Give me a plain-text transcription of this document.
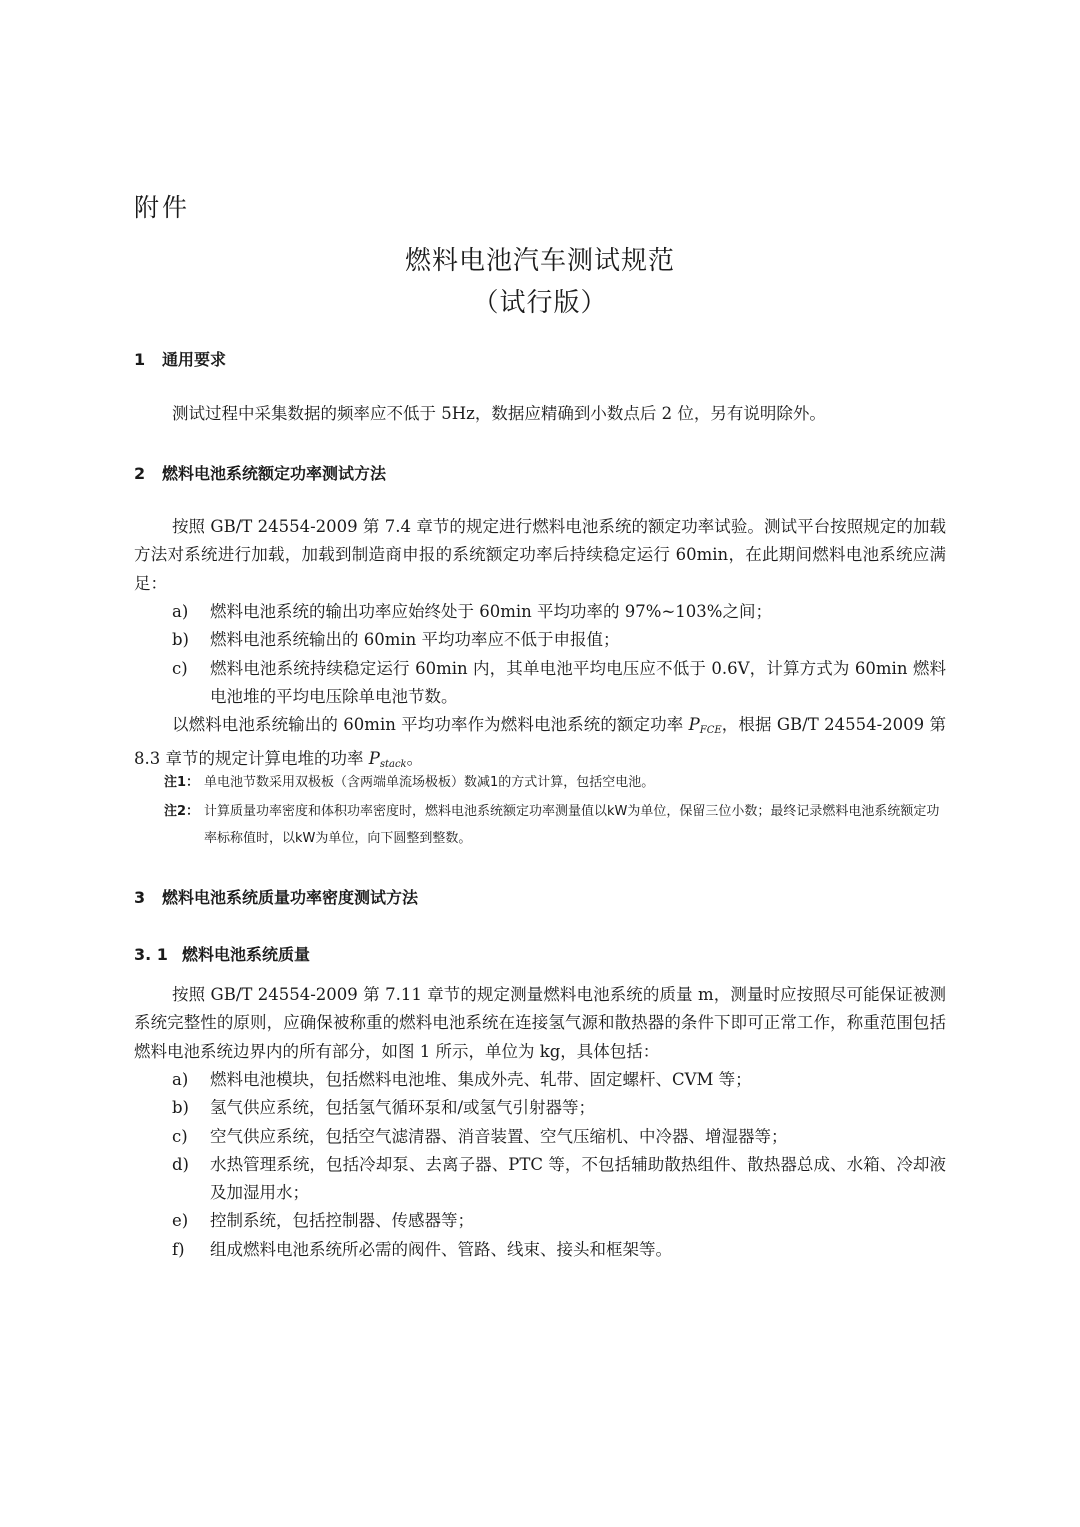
附件
燃料电池汽车测试规范
（试行版）
1 通用要求
测试过程中采集数据的频率应不低于 5Hz，数据应精确到小数点后 2 位，另有说明除外。
2 燃料电池系统额定功率测试方法
按照 GB/T 24554-2009 第 7.4 章节的规定进行燃料电池系统的额定功率试验。测试平台按照规定的加载方法对系统进行加载，加载到制造商申报的系统额定功率后持续稳定运行 60min，在此期间燃料电池系统应满足：
a) 燃料电池系统的输出功率应始终处于 60min 平均功率的 97%~103%之间；
b) 燃料电池系统输出的 60min 平均功率应不低于申报值；
c) 燃料电池系统持续稳定运行 60min 内，其单电池平均电压应不低于 0.6V，计算方式为 60min 燃料电池堆的平均电压除单电池节数。
以燃料电池系统输出的 60min 平均功率作为燃料电池系统的额定功率 $P_{FCE}$，根据 GB/T 24554-2009 第 8.3 章节的规定计算电堆的功率 $P_{stack}$。
注1： 单电池节数采用双极板（含两端单流场极板）数减1的方式计算，包括空电池。
注2： 计算质量功率密度和体积功率密度时，燃料电池系统额定功率测量值以kW为单位，保留三位小数；最终记录燃料电池系统额定功率标称值时，以kW为单位，向下圆整到整数。
3 燃料电池系统质量功率密度测试方法
3. 1 燃料电池系统质量
按照 GB/T 24554-2009 第 7.11 章节的规定测量燃料电池系统的质量 m，测量时应按照尽可能保证被测系统完整性的原则，应确保被称重的燃料电池系统在连接氢气源和散热器的条件下即可正常工作，称重范围包括燃料电池系统边界内的所有部分，如图 1 所示，单位为 kg，具体包括：
a) 燃料电池模块，包括燃料电池堆、集成外壳、轧带、固定螺杆、CVM 等；
b) 氢气供应系统，包括氢气循环泵和/或氢气引射器等；
c) 空气供应系统，包括空气滤清器、消音装置、空气压缩机、中冷器、增湿器等；
d) 水热管理系统，包括冷却泵、去离子器、PTC 等，不包括辅助散热组件、散热器总成、水箱、冷却液及加湿用水；
e) 控制系统，包括控制器、传感器等；
f) 组成燃料电池系统所必需的阀件、管路、线束、接头和框架等。
